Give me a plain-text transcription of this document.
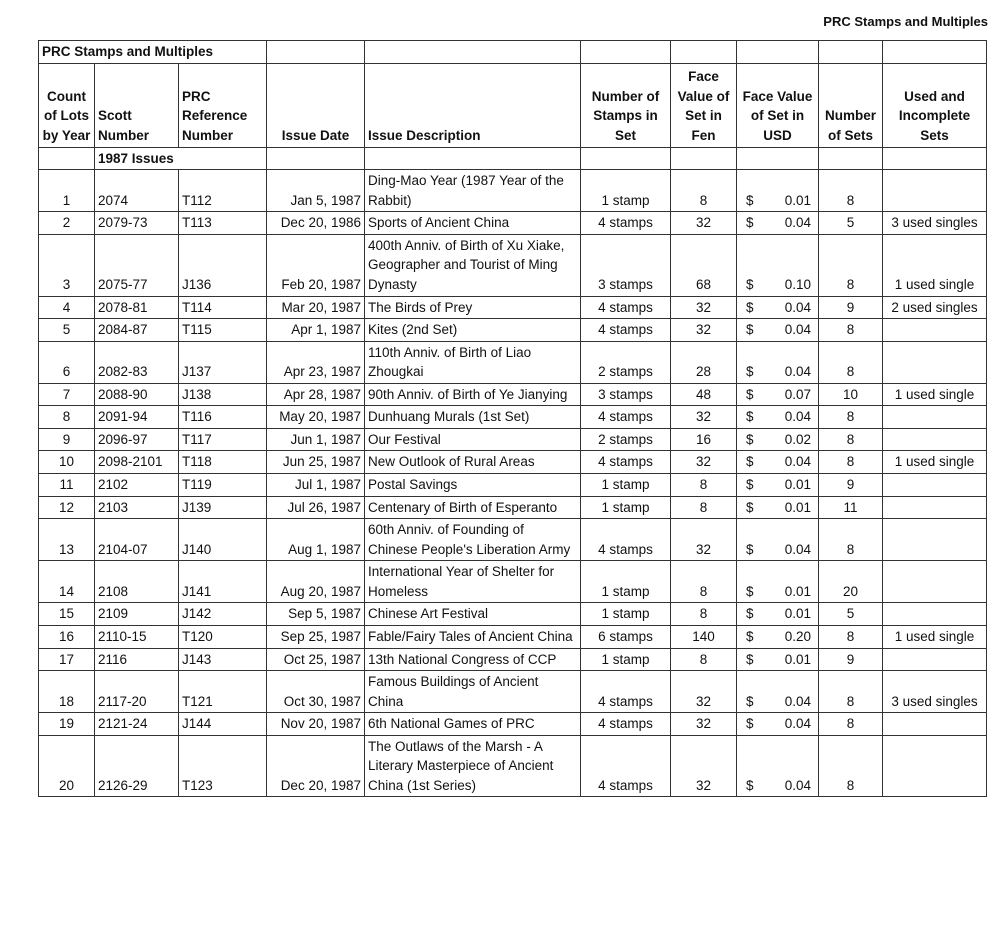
PRC Stamps and Multiples
PRC Stamps and Multiples									
Count of Lots by Year	Scott Number	PRC Reference Number	Issue Date	Issue Description	Number of Stamps in Set	Face Value of Set in Fen	Face Value of Set in USD	Number of Sets	Used and Incomplete Sets
	1987 Issues								
1	2074	T112	Jan 5, 1987	Ding-Mao Year (1987 Year of the Rabbit)	1 stamp	8	$ 0.01	8	
2	2079-73	T113	Dec 20, 1986	Sports of Ancient China	4 stamps	32	$ 0.04	5	3 used singles
3	2075-77	J136	Feb 20, 1987	400th Anniv. of Birth of Xu Xiake, Geographer and Tourist of Ming Dynasty	3 stamps	68	$ 0.10	8	1 used single
4	2078-81	T114	Mar 20, 1987	The Birds of Prey	4 stamps	32	$ 0.04	9	2 used singles
5	2084-87	T115	Apr 1, 1987	Kites (2nd Set)	4 stamps	32	$ 0.04	8	
6	2082-83	J137	Apr 23, 1987	110th Anniv. of Birth of Liao Zhougkai	2 stamps	28	$ 0.04	8	
7	2088-90	J138	Apr 28, 1987	90th Anniv. of Birth of Ye Jianying	3 stamps	48	$ 0.07	10	1 used single
8	2091-94	T116	May 20, 1987	Dunhuang Murals (1st Set)	4 stamps	32	$ 0.04	8	
9	2096-97	T117	Jun 1, 1987	Our Festival	2 stamps	16	$ 0.02	8	
10	2098-2101	T118	Jun 25, 1987	New Outlook of Rural Areas	4 stamps	32	$ 0.04	8	1 used single
11	2102	T119	Jul 1, 1987	Postal Savings	1 stamp	8	$ 0.01	9	
12	2103	J139	Jul 26, 1987	Centenary of Birth of Esperanto	1 stamp	8	$ 0.01	11	
13	2104-07	J140	Aug 1, 1987	60th Anniv. of Founding of Chinese People's Liberation Army	4 stamps	32	$ 0.04	8	
14	2108	J141	Aug 20, 1987	International Year of Shelter for Homeless	1 stamp	8	$ 0.01	20	
15	2109	J142	Sep 5, 1987	Chinese Art Festival	1 stamp	8	$ 0.01	5	
16	2110-15	T120	Sep 25, 1987	Fable/Fairy Tales of Ancient China	6 stamps	140	$ 0.20	8	1 used single
17	2116	J143	Oct 25, 1987	13th National Congress of CCP	1 stamp	8	$ 0.01	9	
18	2117-20	T121	Oct 30, 1987	Famous Buildings of Ancient China	4 stamps	32	$ 0.04	8	3 used singles
19	2121-24	J144	Nov 20, 1987	6th National Games of PRC	4 stamps	32	$ 0.04	8	
20	2126-29	T123	Dec 20, 1987	The Outlaws of the Marsh - A Literary Masterpiece of Ancient China (1st Series)	4 stamps	32	$ 0.04	8	
